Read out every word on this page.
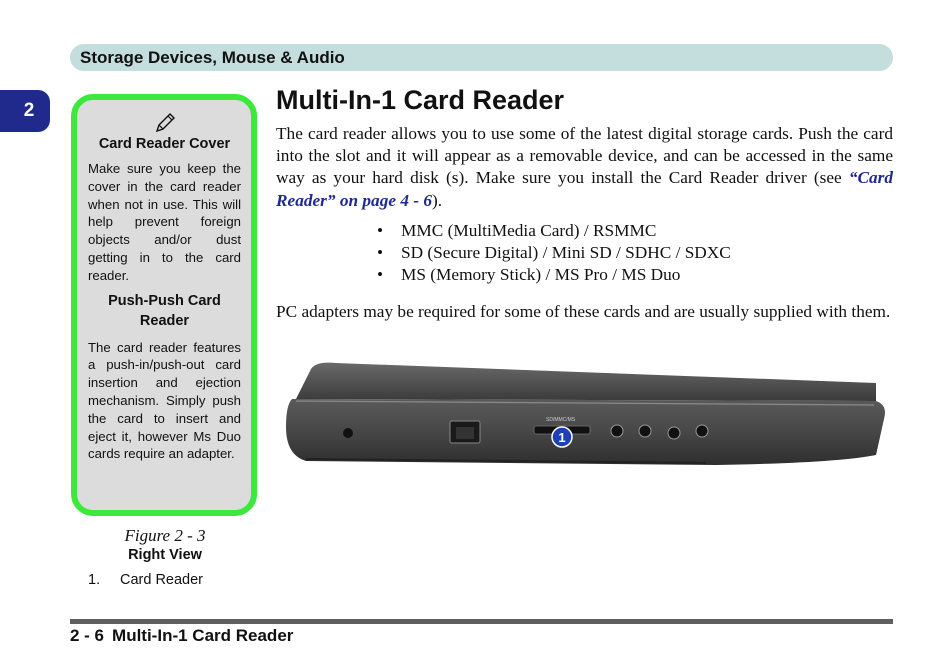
Storage Devices, Mouse & Audio
2

Card Reader Cover

Make sure you keep the cover in the card reader when not in use. This will help prevent foreign objects and/or dust getting in to the card reader.

Push-Push Card Reader

The card reader features a push-in/push-out card insertion and ejection mechanism. Simply push the card to insert and eject it, however Ms Duo cards require an adapter.

Figure 2 - 3
Right View
1. Card Reader
Multi-In-1 Card Reader

The card reader allows you to use some of the latest digital storage cards. Push the card into the slot and it will appear as a removable device, and can be accessed in the same way as your hard disk (s). Make sure you install the Card Reader driver (see “Card Reader” on page 4 - 6).

• MMC (MultiMedia Card) / RSMMC
• SD (Secure Digital) / Mini SD / SDHC / SDXC
• MS (Memory Stick) / MS Pro / MS Duo

PC adapters may be required for some of these cards and are usually supplied with them.

SD/MMC/MS
1
2 - 6 Multi-In-1 Card Reader
